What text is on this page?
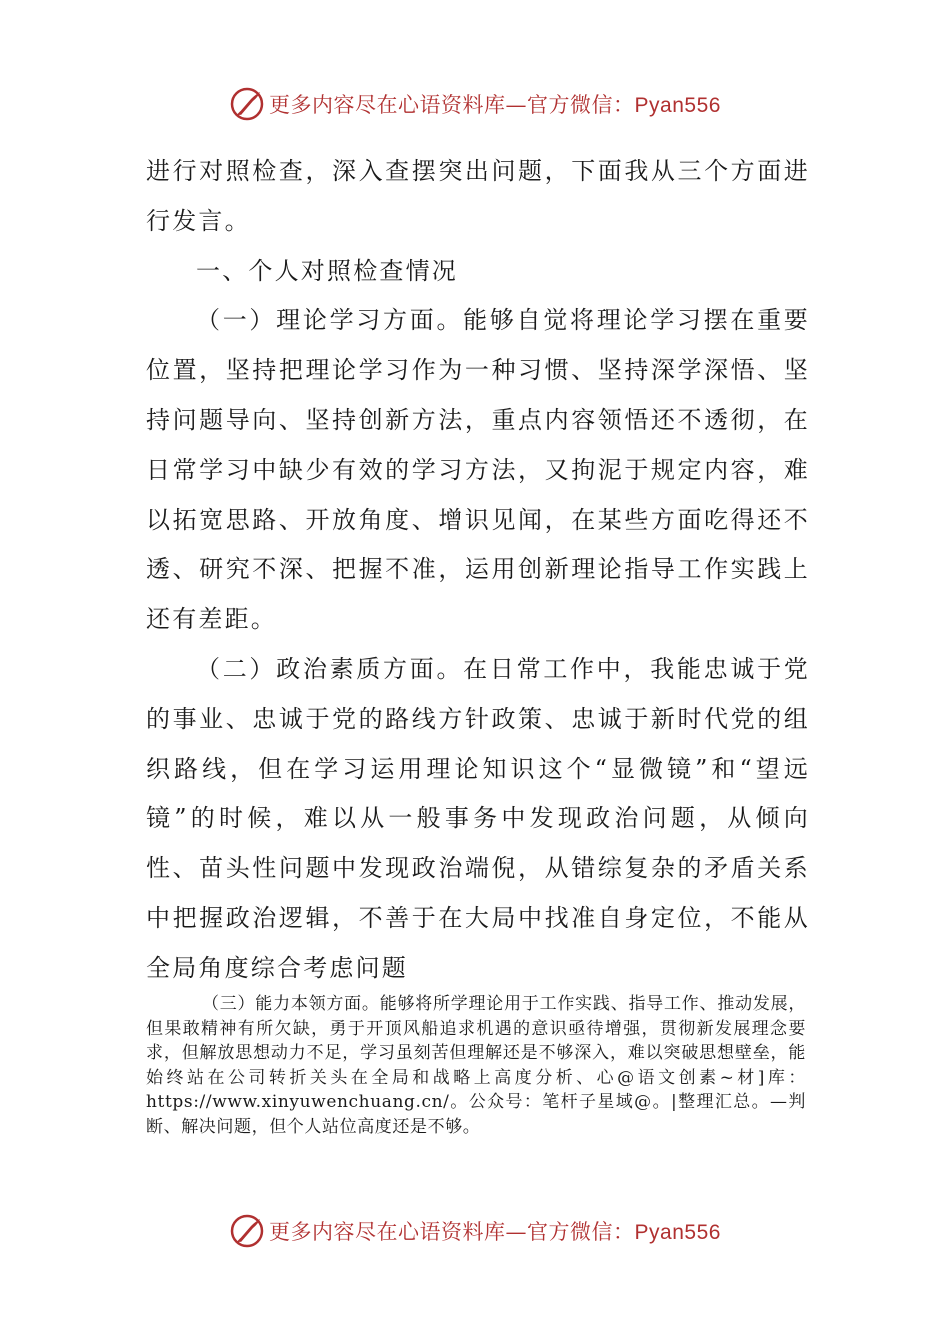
更多内容尽在心语资料库—官方微信：Pyan556

进行对照检查，深入查摆突出问题，下面我从三个方面进行发言。

一、个人对照检查情况

（一）理论学习方面。能够自觉将理论学习摆在重要位置，坚持把理论学习作为一种习惯、坚持深学深悟、坚持问题导向、坚持创新方法，重点内容领悟还不透彻，在日常学习中缺少有效的学习方法，又拘泥于规定内容，难以拓宽思路、开放角度、增识见闻，在某些方面吃得还不透、研究不深、把握不准，运用创新理论指导工作实践上还有差距。

（二）政治素质方面。在日常工作中，我能忠诚于党的事业、忠诚于党的路线方针政策、忠诚于新时代党的组织路线，但在学习运用理论知识这个“显微镜”和“望远镜”的时候，难以从一般事务中发现政治问题，从倾向性、苗头性问题中发现政治端倪，从错综复杂的矛盾关系中把握政治逻辑，不善于在大局中找准自身定位，不能从全局角度综合考虑问题

（三）能力本领方面。能够将所学理论用于工作实践、指导工作、推动发展，但果敢精神有所欠缺，勇于开顶风船追求机遇的意识亟待增强，贯彻新发展理念要求，但解放思想动力不足，学习虽刻苦但理解还是不够深入，难以突破思想壁垒，能始终站在公司转折关头在全局和战略上高度分析、心@语文创素~材]库：https://www.xinyuwenchuang.cn/。公众号：笔杆子星域@。|整理汇总。—判断、解决问题，但个人站位高度还是不够。

更多内容尽在心语资料库—官方微信：Pyan556
